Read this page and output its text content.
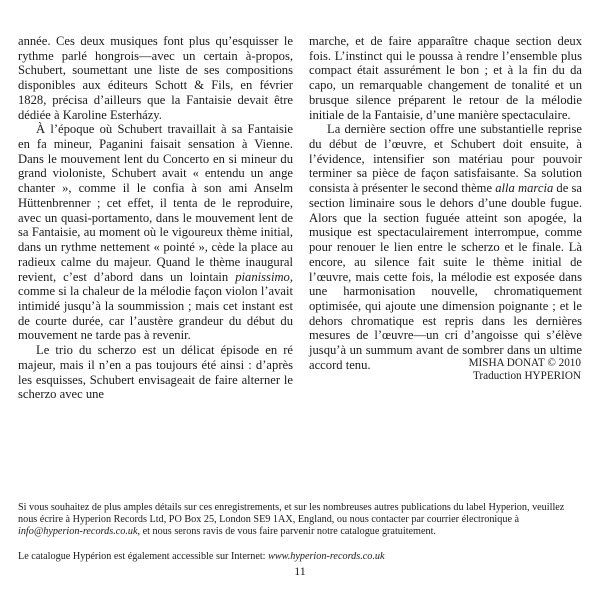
année. Ces deux musiques font plus qu’esquisser le rythme parlé hongrois—avec un certain à-propos, Schubert, soumettant une liste de ses compositions disponibles aux éditeurs Schott & Fils, en février 1828, précisa d’ailleurs que la Fantaisie devait être dédiée à Karoline Esterházy.

À l’époque où Schubert travaillait à sa Fantaisie en fa mineur, Paganini faisait sensation à Vienne. Dans le mouvement lent du Concerto en si mineur du grand violoniste, Schubert avait « entendu un ange chanter », comme il le confia à son ami Anselm Hüttenbrenner ; cet effet, il tenta de le reproduire, avec un quasi-portamento, dans le mouvement lent de sa Fantaisie, au moment où le vigoureux thème initial, dans un rythme nettement « pointé », cède la place au radieux calme du majeur. Quand le thème inaugural revient, c’est d’abord dans un lointain pianissimo, comme si la chaleur de la mélodie façon violon l’avait intimidé jusqu’à la soummission ; mais cet instant est de courte durée, car l’austère grandeur du début du mouvement ne tarde pas à revenir.

Le trio du scherzo est un délicat épisode en ré majeur, mais il n’en a pas toujours été ainsi : d’après les esquisses, Schubert envisageait de faire alterner le scherzo avec une

marche, et de faire apparaître chaque section deux fois. L’instinct qui le poussa à rendre l’ensemble plus compact était assurément le bon ; et à la fin du da capo, un remarquable changement de tonalité et un brusque silence préparent le retour de la mélodie initiale de la Fantaisie, d’une manière spectaculaire.

La dernière section offre une substantielle reprise du début de l’œuvre, et Schubert doit ensuite, à l’évidence, intensifier son matériau pour pouvoir terminer sa pièce de façon satisfaisante. Sa solution consista à présenter le second thème alla marcia de sa section liminaire sous le dehors d’une double fugue. Alors que la section fuguée atteint son apogée, la musique est spectaculairement interrompue, comme pour renouer le lien entre le scherzo et le finale. Là encore, au silence fait suite le thème initial de l’œuvre, mais cette fois, la mélodie est exposée dans une harmonisation nouvelle, chromatiquement optimisée, qui ajoute une dimension poignante ; et le dehors chromatique est repris dans les dernières mesures de l’œuvre—un cri d’angoisse qui s’élève jusqu’à un summum avant de sombrer dans un ultime accord tenu.	MISHA DONAT © 2010
Traduction HYPERION

Si vous souhaitez de plus amples détails sur ces enregistrements, et sur les nombreuses autres publications du label Hyperion, veuillez nous écrire à Hyperion Records Ltd, PO Box 25, London SE9 1AX, England, ou nous contacter par courrier électronique à info@hyperion-records.co.uk, et nous serons ravis de vous faire parvenir notre catalogue gratuitement.

Le catalogue Hypérion est également accessible sur Internet: www.hyperion-records.co.uk

11
